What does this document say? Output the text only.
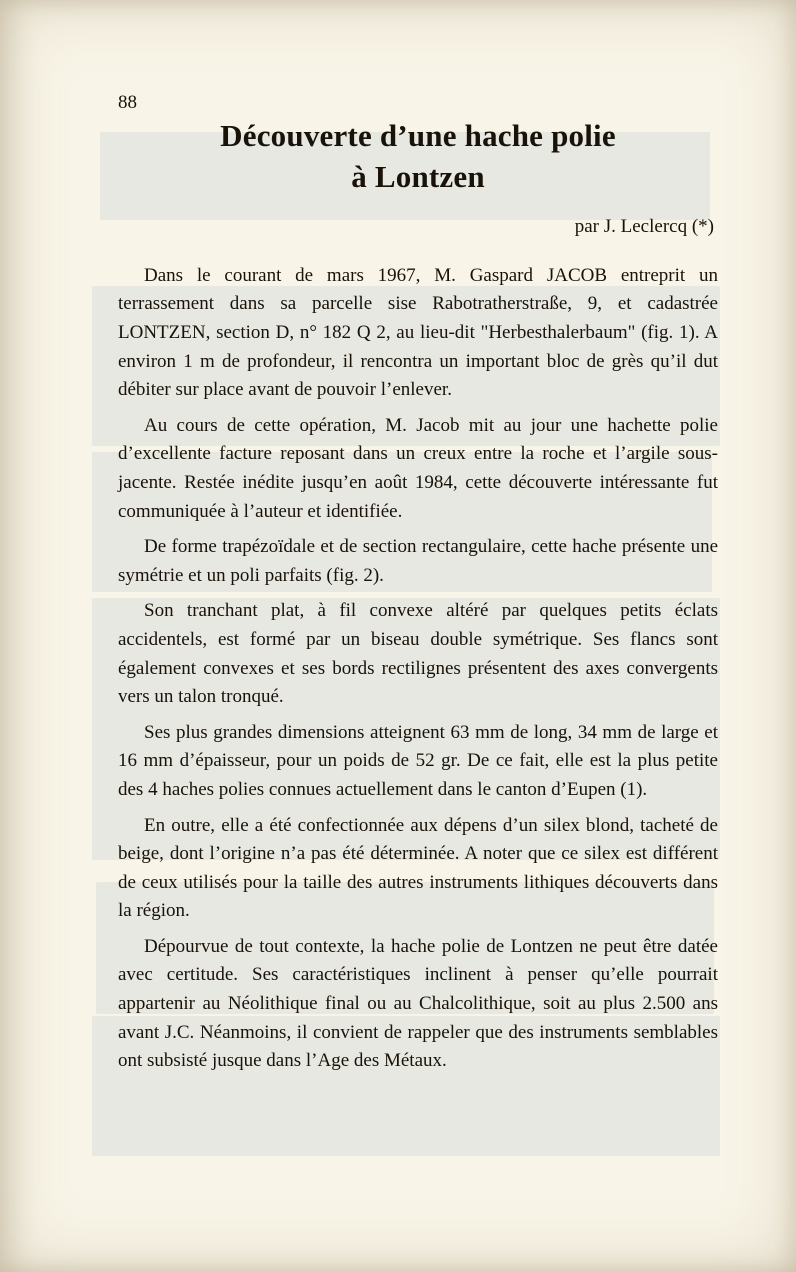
88
Découverte d’une hache polie
à Lontzen
par J. Leclercq (*)

Dans le courant de mars 1967, M. Gaspard JACOB entreprit un terrassement dans sa parcelle sise Rabotratherstraße, 9, et cadastrée LONTZEN, section D, n° 182 Q 2, au lieu-dit "Herbesthalerbaum" (fig. 1). A environ 1 m de profondeur, il rencontra un important bloc de grès qu’il dut débiter sur place avant de pouvoir l’enlever.

Au cours de cette opération, M. Jacob mit au jour une hachette polie d’excellente facture reposant dans un creux entre la roche et l’argile sous-jacente. Restée inédite jusqu’en août 1984, cette découverte intéressante fut communiquée à l’auteur et identifiée.

De forme trapézoïdale et de section rectangulaire, cette hache présente une symétrie et un poli parfaits (fig. 2).

Son tranchant plat, à fil convexe altéré par quelques petits éclats accidentels, est formé par un biseau double symétrique. Ses flancs sont également convexes et ses bords rectilignes présentent des axes convergents vers un talon tronqué.

Ses plus grandes dimensions atteignent 63 mm de long, 34 mm de large et 16 mm d’épaisseur, pour un poids de 52 gr. De ce fait, elle est la plus petite des 4 haches polies connues actuellement dans le canton d’Eupen (1).

En outre, elle a été confectionnée aux dépens d’un silex blond, tacheté de beige, dont l’origine n’a pas été déterminée. A noter que ce silex est différent de ceux utilisés pour la taille des autres instruments lithiques découverts dans la région.

Dépourvue de tout contexte, la hache polie de Lontzen ne peut être datée avec certitude. Ses caractéristiques inclinent à penser qu’elle pourrait appartenir au Néolithique final ou au Chalcolithique, soit au plus 2.500 ans avant J.C. Néanmoins, il convient de rappeler que des instruments semblables ont subsisté jusque dans l’Age des Métaux.
